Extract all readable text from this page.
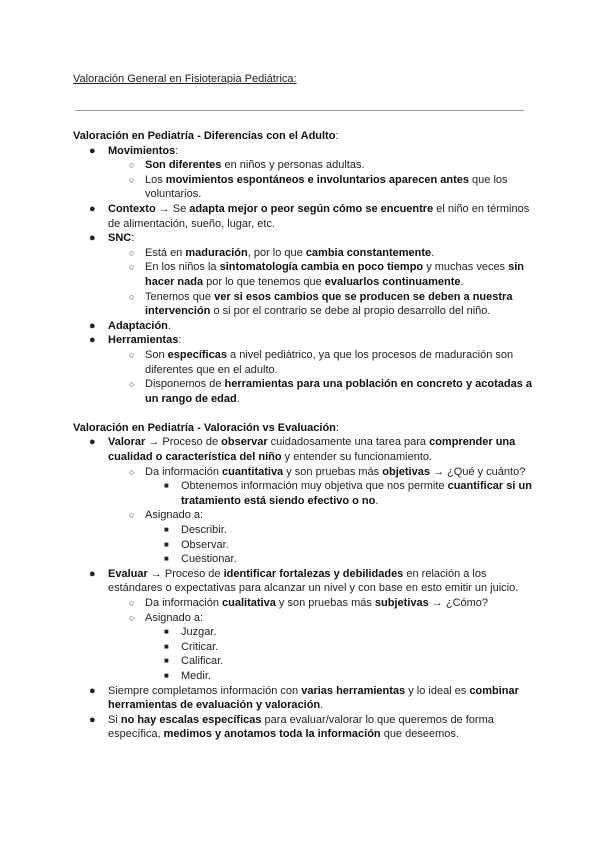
Valoración General en Fisioterapia Pediátrica:
Valoración en Pediatría - Diferencias con el Adulto:
● Movimientos:
○ Son diferentes en niños y personas adultas.
○ Los movimientos espontáneos e involuntarios aparecen antes que los voluntarios.
● Contexto → Se adapta mejor o peor según cómo se encuentre el niño en términos de alimentación, sueño, lugar, etc.
● SNC:
○ Está en maduración, por lo que cambia constantemente.
○ En los niños la sintomatología cambia en poco tiempo y muchas veces sin hacer nada por lo que tenemos que evaluarlos continuamente.
○ Tenemos que ver si esos cambios que se producen se deben a nuestra intervención o si por el contrario se debe al propio desarrollo del niño.
● Adaptación.
● Herramientas:
○ Son específicas a nivel pediátrico, ya que los procesos de maduración son diferentes que en el adulto.
○ Disponemos de herramientas para una población en concreto y acotadas a un rango de edad.
Valoración en Pediatría - Valoración vs Evaluación:
● Valorar → Proceso de observar cuidadosamente una tarea para comprender una cualidad o característica del niño y entender su funcionamiento.
○ Da información cuantitativa y son pruebas más objetivas → ¿Qué y cuánto?
■ Obtenemos información muy objetiva que nos permite cuantificar si un tratamiento está siendo efectivo o no.
○ Asignado a:
■ Describir.
■ Observar.
■ Cuestionar.
● Evaluar → Proceso de identificar fortalezas y debilidades en relación a los estándares o expectativas para alcanzar un nivel y con base en esto emitir un juicio.
○ Da información cualitativa y son pruebas más subjetivas → ¿Cómo?
○ Asignado a:
■ Juzgar.
■ Criticar.
■ Calificar.
■ Medir.
● Siempre completamos información con varias herramientas y lo ideal es combinar herramientas de evaluación y valoración.
● Si no hay escalas específicas para evaluar/valorar lo que queremos de forma específica, medimos y anotamos toda la información que deseemos.
